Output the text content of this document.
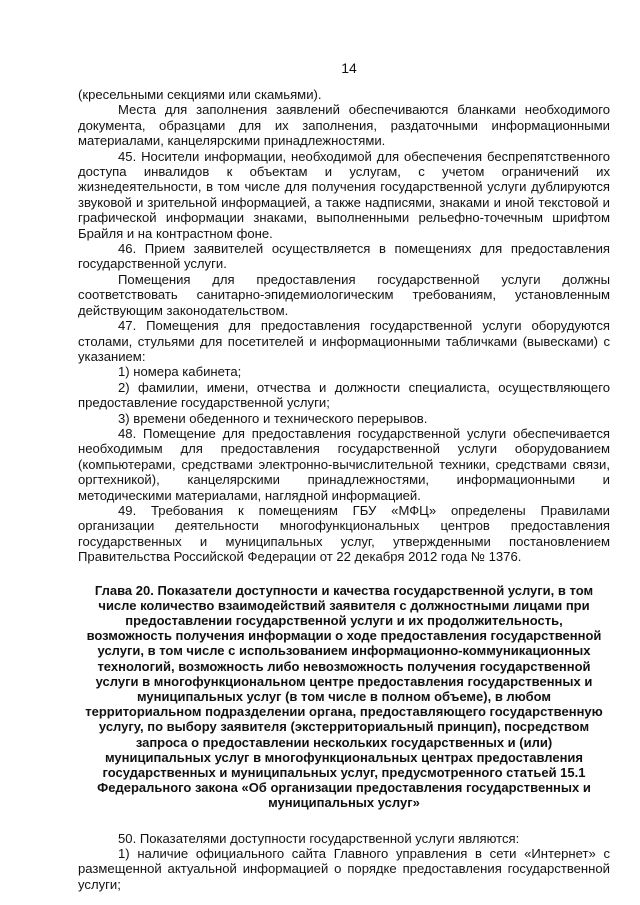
14

(кресельными секциями или скамьями).

Места для заполнения заявлений обеспечиваются бланками необходимого документа, образцами для их заполнения, раздаточными информационными материалами, канцелярскими принадлежностями.

45. Носители информации, необходимой для обеспечения беспрепятственного доступа инвалидов к объектам и услугам, с учетом ограничений их жизнедеятельности, в том числе для получения государственной услуги дублируются звуковой и зрительной информацией, а также надписями, знаками и иной текстовой и графической информации знаками, выполненными рельефно-точечным шрифтом Брайля и на контрастном фоне.

46. Прием заявителей осуществляется в помещениях для предоставления государственной услуги.

Помещения для предоставления государственной услуги должны соответствовать санитарно-эпидемиологическим требованиям, установленным действующим законодательством.

47. Помещения для предоставления государственной услуги оборудуются столами, стульями для посетителей и информационными табличками (вывесками) с указанием:

1) номера кабинета;

2) фамилии, имени, отчества и должности специалиста, осуществляющего предоставление государственной услуги;

3) времени обеденного и технического перерывов.

48. Помещение для предоставления государственной услуги обеспечивается необходимым для предоставления государственной услуги оборудованием (компьютерами, средствами электронно-вычислительной техники, средствами связи, оргтехникой), канцелярскими принадлежностями, информационными и методическими материалами, наглядной информацией.

49. Требования к помещениям ГБУ «МФЦ» определены Правилами организации деятельности многофункциональных центров предоставления государственных и муниципальных услуг, утвержденными постановлением Правительства Российской Федерации от 22 декабря 2012 года № 1376.

Глава 20. Показатели доступности и качества государственной услуги, в том числе количество взаимодействий заявителя с должностными лицами при предоставлении государственной услуги и их продолжительность, возможность получения информации о ходе предоставления государственной услуги, в том числе с использованием информационно-коммуникационных технологий, возможность либо невозможность получения государственной услуги в многофункциональном центре предоставления государственных и муниципальных услуг (в том числе в полном объеме), в любом территориальном подразделении органа, предоставляющего государственную услугу, по выбору заявителя (экстерриториальный принцип), посредством запроса о предоставлении нескольких государственных и (или) муниципальных услуг в многофункциональных центрах предоставления государственных и муниципальных услуг, предусмотренного статьей 15.1 Федерального закона «Об организации предоставления государственных и муниципальных услуг»

50. Показателями доступности государственной услуги являются:

1) наличие официального сайта Главного управления в сети «Интернет» с размещенной актуальной информацией о порядке предоставления государственной услуги;
